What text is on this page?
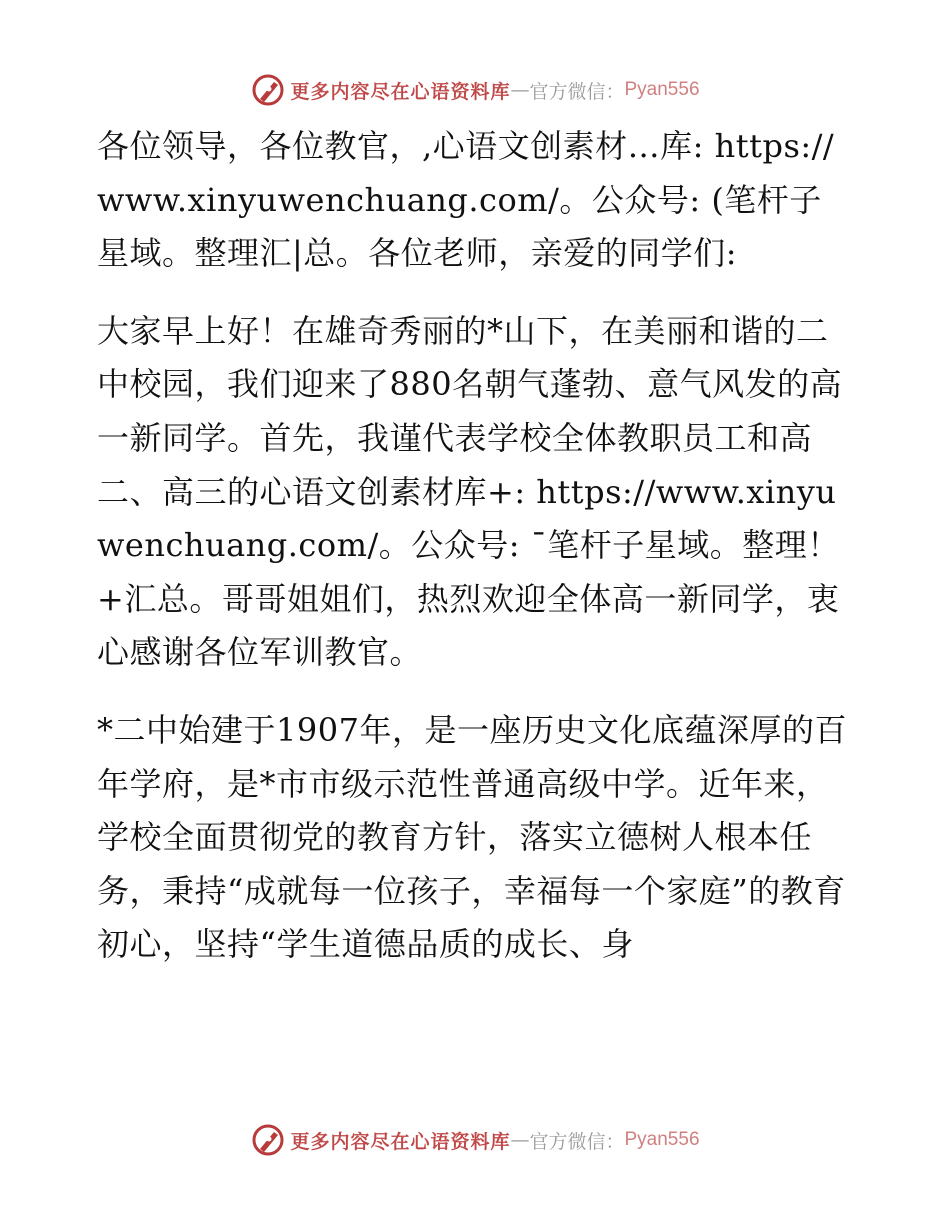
更多内容尽在心语资料库 — 官方微信： Pyan556

各位领导，各位教官，,心语文创素材…库: https://www.xinyuwenchuang.com/。公众号: (笔杆子星域。整理汇|总。各位老师，亲爱的同学们:

大家早上好！在雄奇秀丽的*山下，在美丽和谐的二中校园，我们迎来了880名朝气蓬勃、意气风发的高一新同学。首先，我谨代表学校全体教职员工和高二、高三的心语文创素材库+: https://www.xinyuwenchuang.com/。公众号: ¯笔杆子星域。整理！+汇总。哥哥姐姐们，热烈欢迎全体高一新同学，衷心感谢各位军训教官。

*二中始建于1907年，是一座历史文化底蕴深厚的百年学府，是*市市级示范性普通高级中学。近年来，学校全面贯彻党的教育方针，落实立德树人根本任务，秉持“成就每一位孩子，幸福每一个家庭”的教育初心，坚持“学生道德品质的成长、身

更多内容尽在心语资料库 — 官方微信： Pyan556
